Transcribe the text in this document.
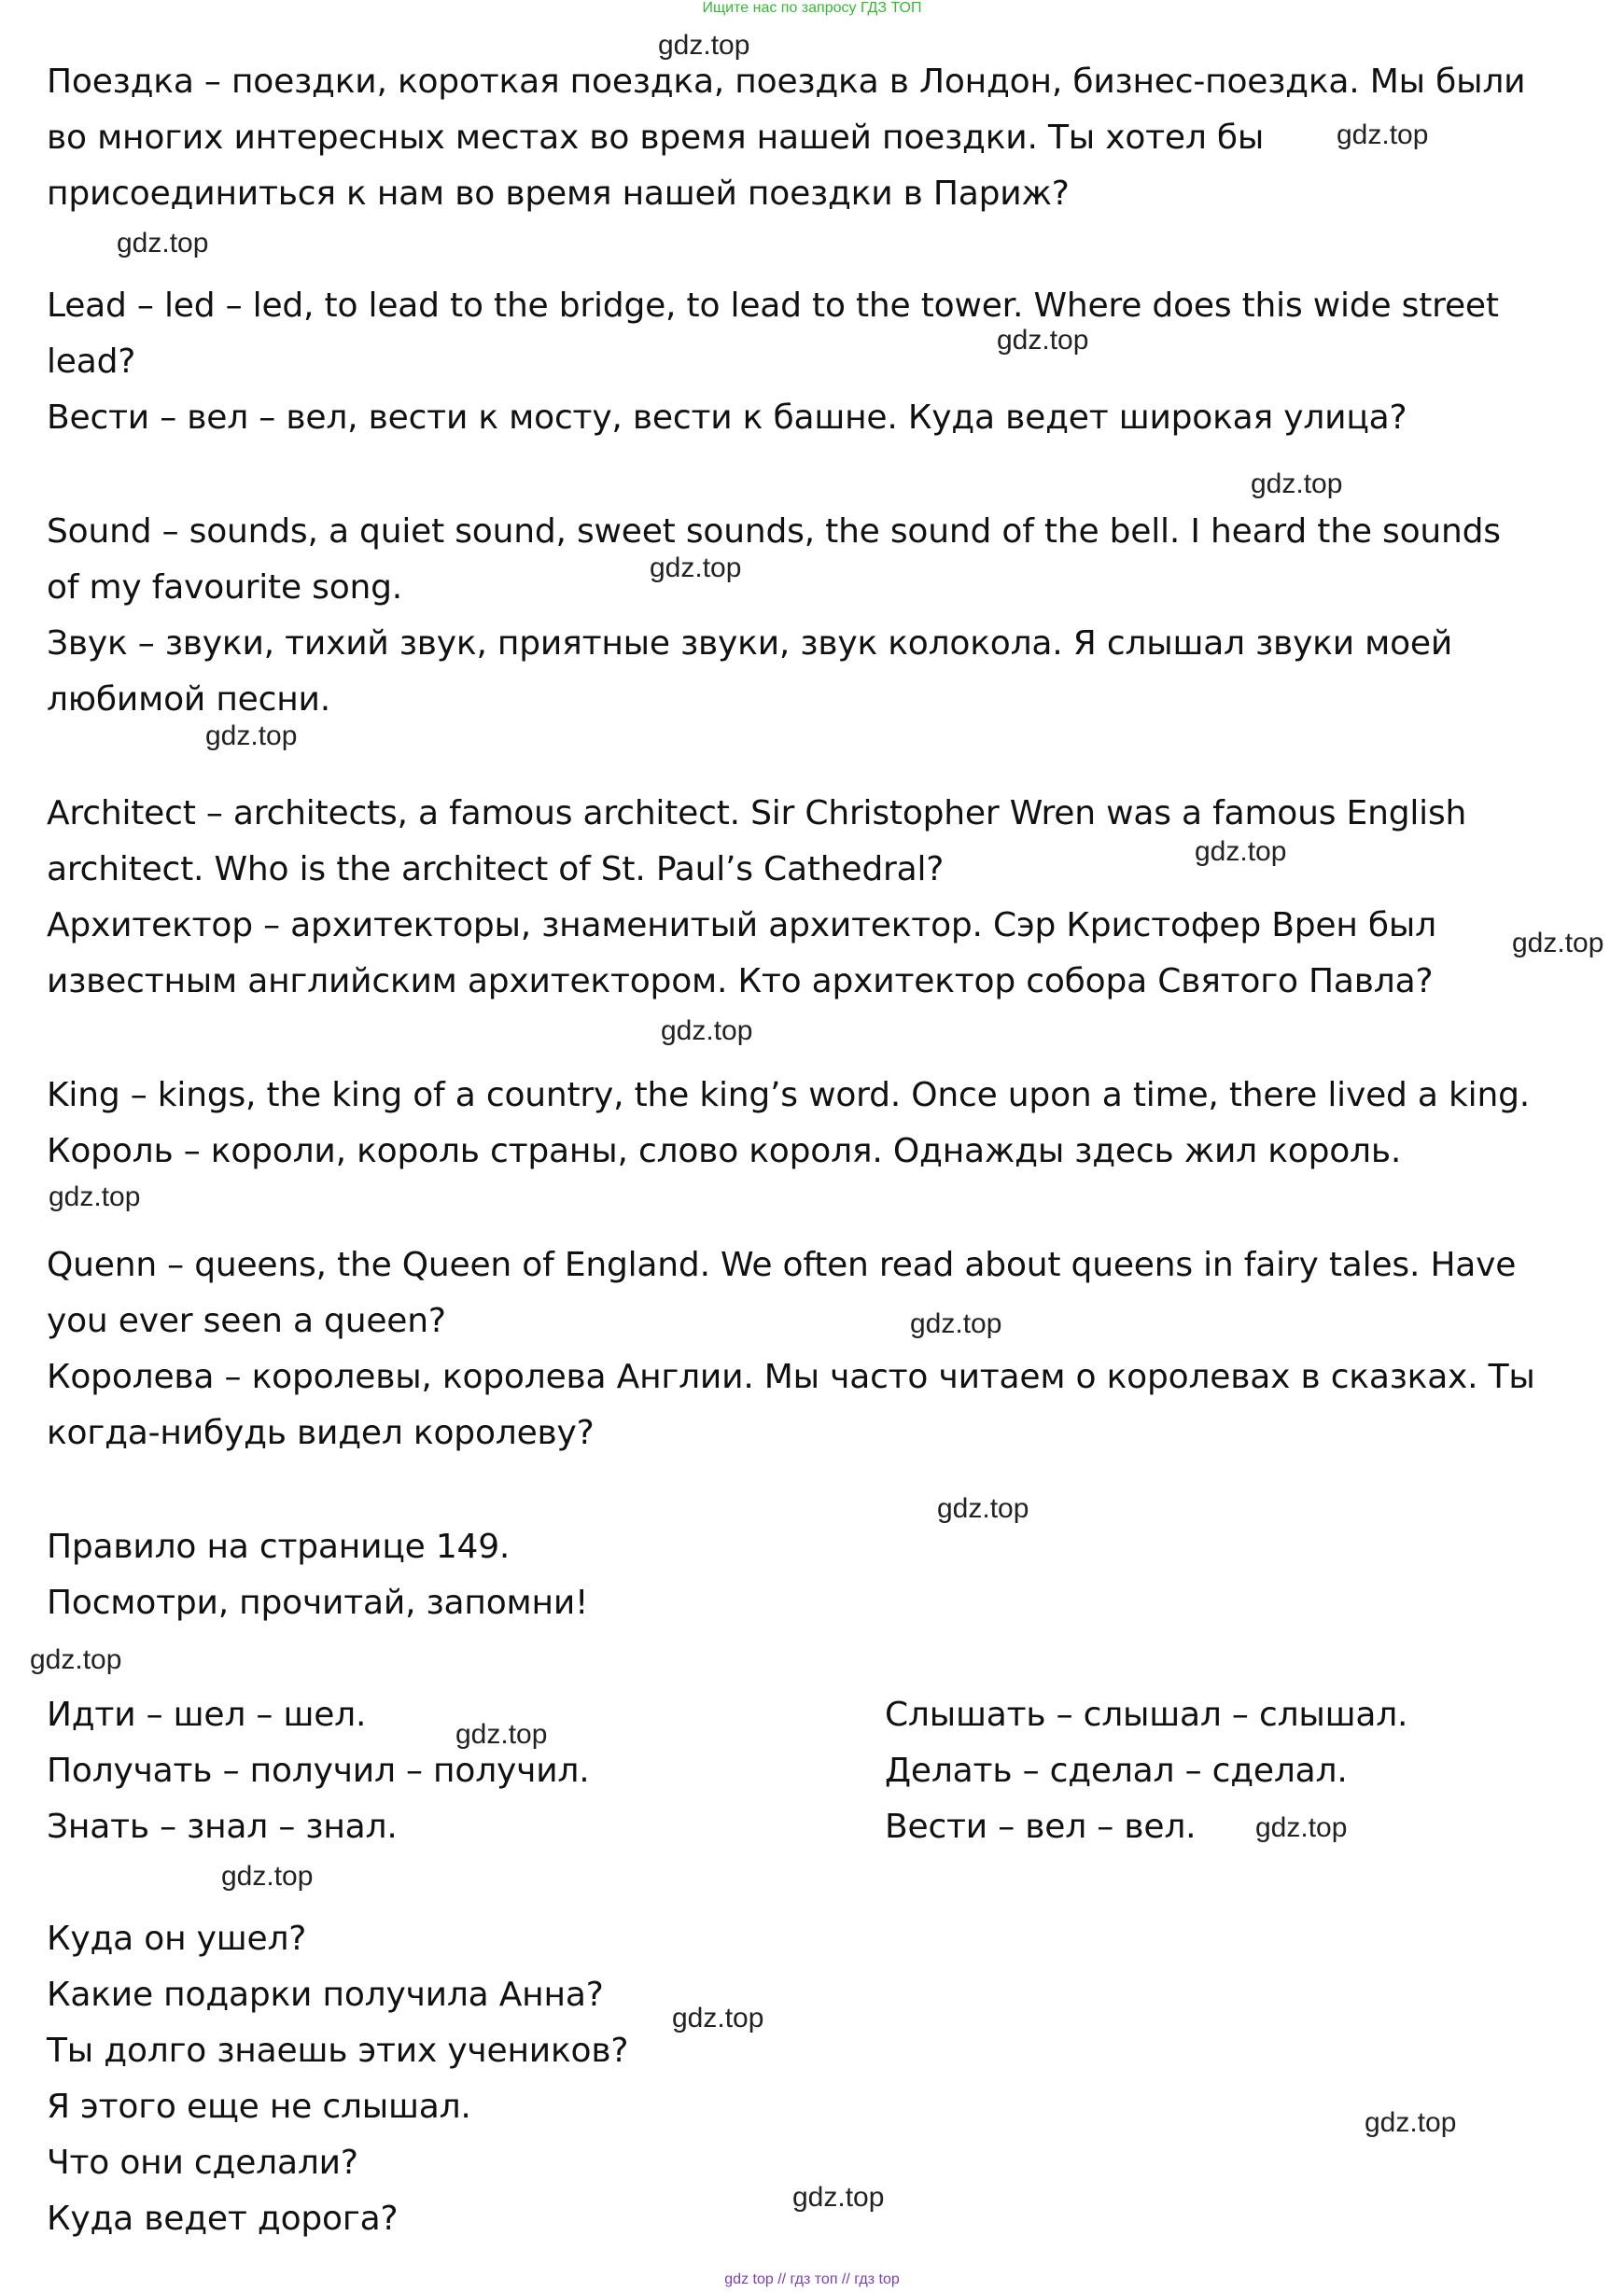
Ищите нас по запросу ГДЗ ТОП
Поездка – поездки, короткая поездка, поездка в Лондон, бизнес-поездка. Мы были
во многих интересных местах во время нашей поездки. Ты хотел бы
присоединиться к нам во время нашей поездки в Париж?
Lead – led – led, to lead to the bridge, to lead to the tower. Where does this wide street
lead?
Вести – вел – вел, вести к мосту, вести к башне. Куда ведет широкая улица?
Sound – sounds, a quiet sound, sweet sounds, the sound of the bell. I heard the sounds
of my favourite song.
Звук – звуки, тихий звук, приятные звуки, звук колокола. Я слышал звуки моей
любимой песни.
Architect – architects, a famous architect. Sir Christopher Wren was a famous English
architect. Who is the architect of St. Paul’s Cathedral?
Архитектор – архитекторы, знаменитый архитектор. Сэр Кристофер Врен был
известным английским архитектором. Кто архитектор собора Святого Павла?
King – kings, the king of a country, the king’s word. Once upon a time, there lived a king.
Король – короли, король страны, слово короля. Однажды здесь жил король.
Quenn – queens, the Queen of England. We often read about queens in fairy tales. Have
you ever seen a queen?
Королева – королевы, королева Англии. Мы часто читаем о королевах в сказках. Ты
когда-нибудь видел королеву?
Правило на странице 149.
Посмотри, прочитай, запомни!
Идти – шел – шел.
Получать – получил – получил.
Знать – знал – знал.
Слышать – слышал – слышал.
Делать – сделал – сделал.
Вести – вел – вел.
Куда он ушел?
Какие подарки получила Анна?
Ты долго знаешь этих учеников?
Я этого еще не слышал.
Что они сделали?
Куда ведет дорога?
gdz.top
gdz.top
gdz.top
gdz.top
gdz.top
gdz.top
gdz.top
gdz.top
gdz.top
gdz.top
gdz.top
gdz.top
gdz.top
gdz.top
gdz.top
gdz.top
gdz.top
gdz.top
gdz.top
gdz.top
gdz top // гдз топ // гдз top
